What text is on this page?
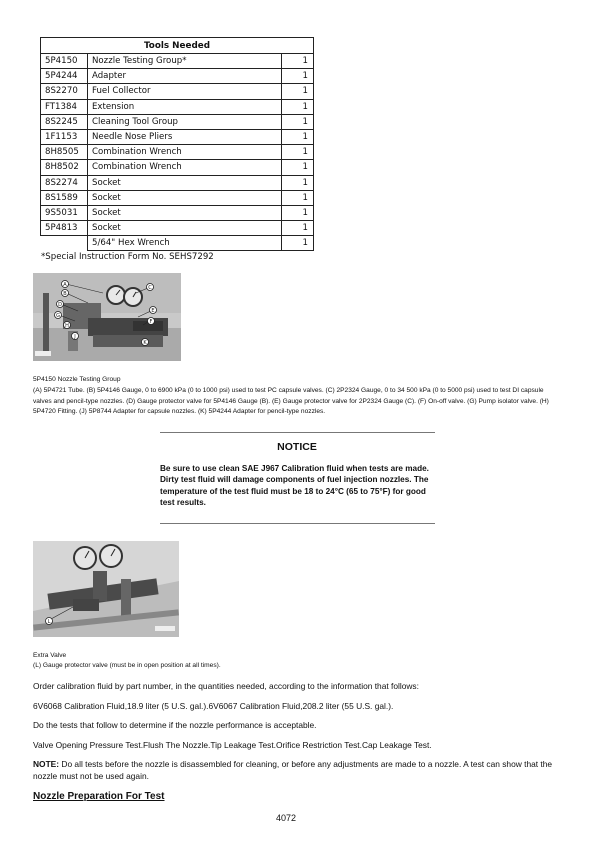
Tools Needed		
5P4150	Nozzle Testing Group*	1
5P4244	Adapter	1
8S2270	Fuel Collector	1
FT1384	Extension	1
8S2245	Cleaning Tool Group	1
1F1153	Needle Nose Pliers	1
8H8505	Combination Wrench	1
8H8502	Combination Wrench	1
8S2274	Socket	1
8S1589	Socket	1
9S5031	Socket	1
5P4813	Socket	1
	5/64" Hex Wrench	1
*Special Instruction Form No. SEHS7292
A
B
C
D
E
F
G
H
J
K
5P4150 Nozzle Testing Group
(A) 5P4721 Tube. (B) 5P4146 Gauge, 0 to 6900 kPa (0 to 1000 psi) used to test PC capsule valves. (C) 2P2324 Gauge, 0 to 34 500 kPa (0 to 5000 psi) used to test DI capsule valves and pencil-type nozzles. (D) Gauge protector valve for 5P4146 Gauge (B). (E) Gauge protector valve for 2P2324 Gauge (C). (F) On-off valve. (G) Pump isolator valve. (H) 5P4720 Fitting. (J) 5P8744 Adapter for capsule nozzles. (K) 5P4244 Adapter for pencil-type nozzles.
NOTICE
Be sure to use clean SAE J967 Calibration fluid when tests are made. Dirty test fluid will damage components of fuel injection nozzles. The temperature of the test fluid must be 18 to 24°C (65 to 75°F) for good test results.
L
Extra Valve
(L) Gauge protector valve (must be in open position at all times).
Order calibration fluid by part number, in the quantities needed, according to the information that follows:
6V6068 Calibration Fluid,18.9 liter (5 U.S. gal.).6V6067 Calibration Fluid,208.2 liter (55 U.S. gal.).
Do the tests that follow to determine if the nozzle performance is acceptable.
Valve Opening Pressure Test.Flush The Nozzle.Tip Leakage Test.Orifice Restriction Test.Cap Leakage Test.
NOTE: Do all tests before the nozzle is disassembled for cleaning, or before any adjustments are made to a nozzle. A test can show that the nozzle must not be used again.
Nozzle Preparation For Test
4072
